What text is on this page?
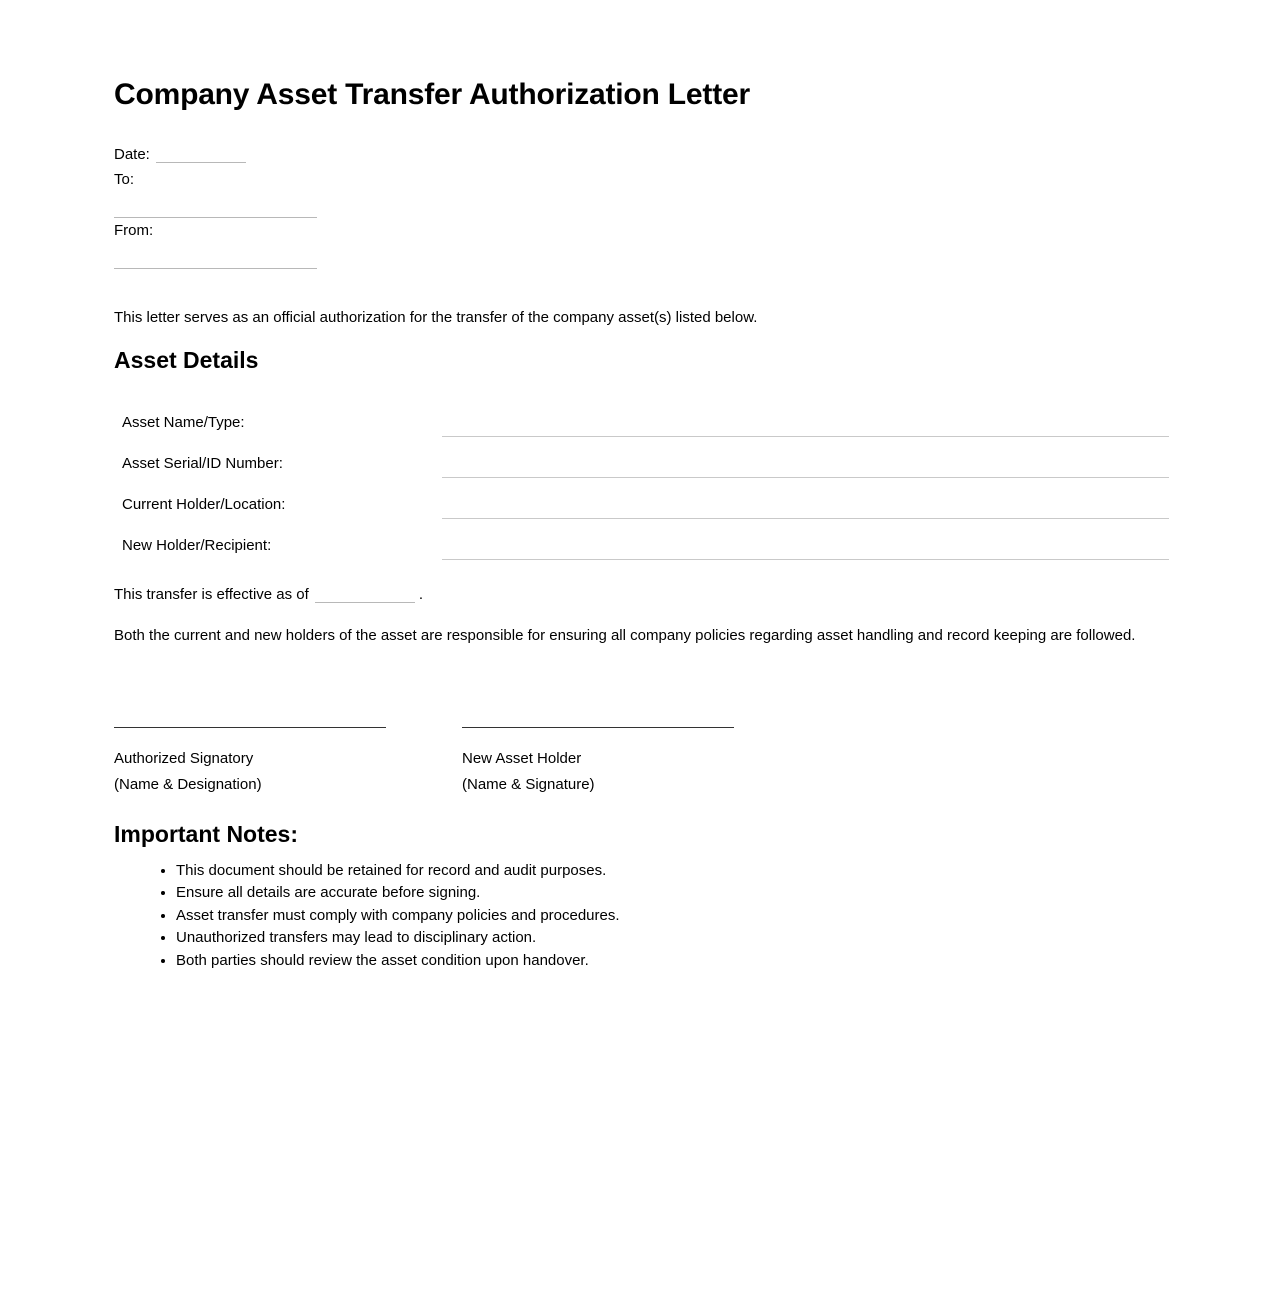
Company Asset Transfer Authorization Letter
Date:
To:
From:

This letter serves as an official authorization for the transfer of the company asset(s) listed below.

Asset Details
Asset Name/Type:	
Asset Serial/ID Number:	
Current Holder/Location:	
New Holder/Recipient:	
This transfer is effective as of	.

Both the current and new holders of the asset are responsible for ensuring all company policies regarding asset handling and record keeping are followed.

Authorized Signatory
(Name & Designation)
New Asset Holder
(Name & Signature)
Important Notes:
• This document should be retained for record and audit purposes.
• Ensure all details are accurate before signing.
• Asset transfer must comply with company policies and procedures.
• Unauthorized transfers may lead to disciplinary action.
• Both parties should review the asset condition upon handover.
